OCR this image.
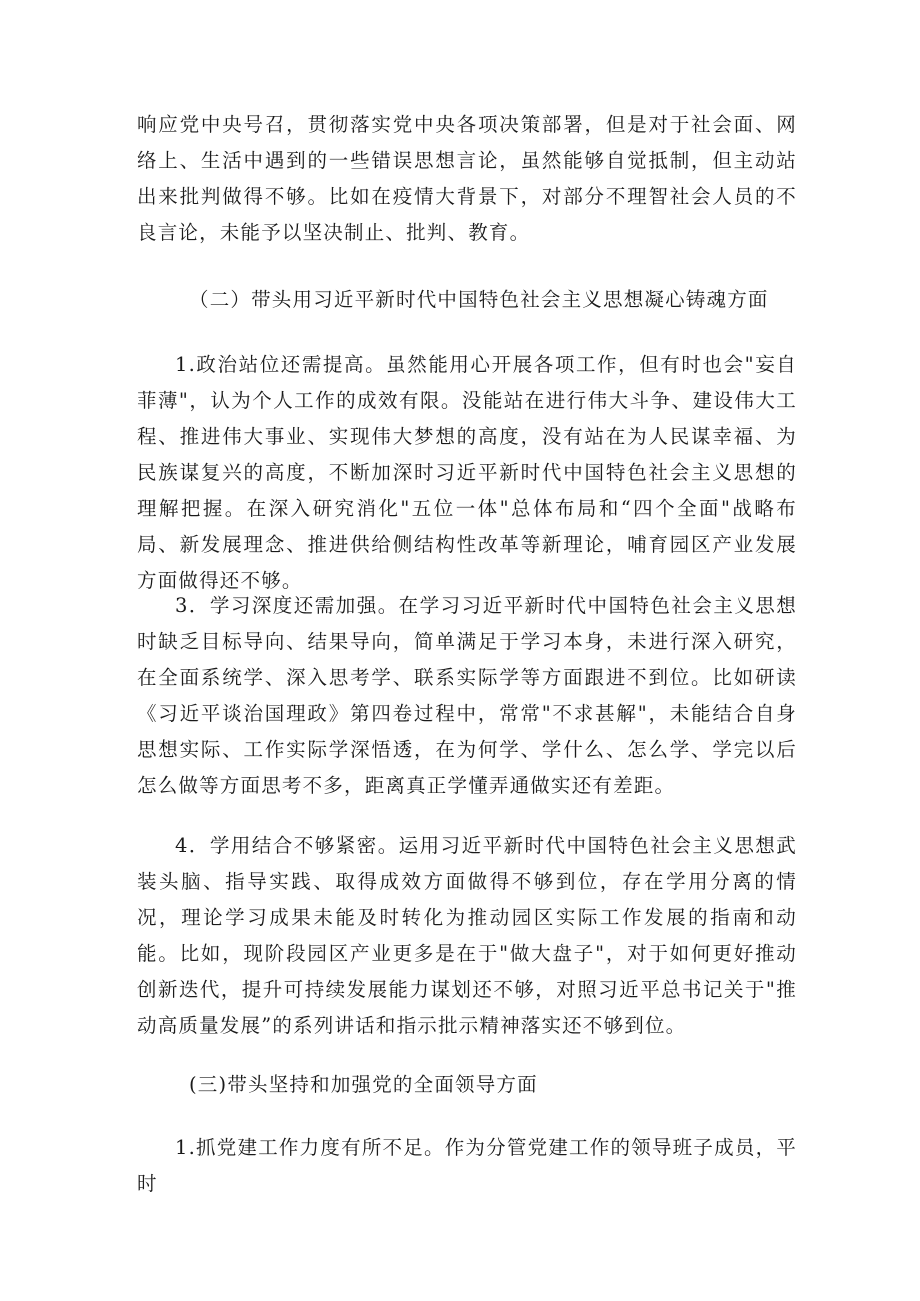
响应党中央号召，贯彻落实党中央各项决策部署，但是对于社会面、网络上、生活中遇到的一些错误思想言论，虽然能够自觉抵制，但主动站出来批判做得不够。比如在疫情大背景下，对部分不理智社会人员的不良言论，未能予以坚决制止、批判、教育。

（二）带头用习近平新时代中国特色社会主义思想凝心铸魂方面

1.政治站位还需提高。虽然能用心开展各项工作，但有时也会"妄自菲薄"，认为个人工作的成效有限。没能站在进行伟大斗争、建设伟大工程、推进伟大事业、实现伟大梦想的高度，没有站在为人民谋幸福、为民族谋复兴的高度，不断加深时习近平新时代中国特色社会主义思想的理解把握。在深入研究消化"五位一体"总体布局和“四个全面"战略布局、新发展理念、推进供给侧结构性改革等新理论，哺育园区产业发展方面做得还不够。

3．学习深度还需加强。在学习习近平新时代中国特色社会主义思想时缺乏目标导向、结果导向，简单满足于学习本身，未进行深入研究，在全面系统学、深入思考学、联系实际学等方面跟进不到位。比如研读《习近平谈治国理政》第四卷过程中，常常"不求甚解"，未能结合自身思想实际、工作实际学深悟透，在为何学、学什么、怎么学、学完以后怎么做等方面思考不多，距离真正学懂弄通做实还有差距。

4．学用结合不够紧密。运用习近平新时代中国特色社会主义思想武装头脑、指导实践、取得成效方面做得不够到位，存在学用分离的情况，理论学习成果未能及时转化为推动园区实际工作发展的指南和动能。比如，现阶段园区产业更多是在于"做大盘子"，对于如何更好推动创新迭代，提升可持续发展能力谋划还不够，对照习近平总书记关于"推动高质量发展”的系列讲话和指示批示精神落实还不够到位。

(三)带头坚持和加强党的全面领导方面

1.抓党建工作力度有所不足。作为分管党建工作的领导班子成员，平时
